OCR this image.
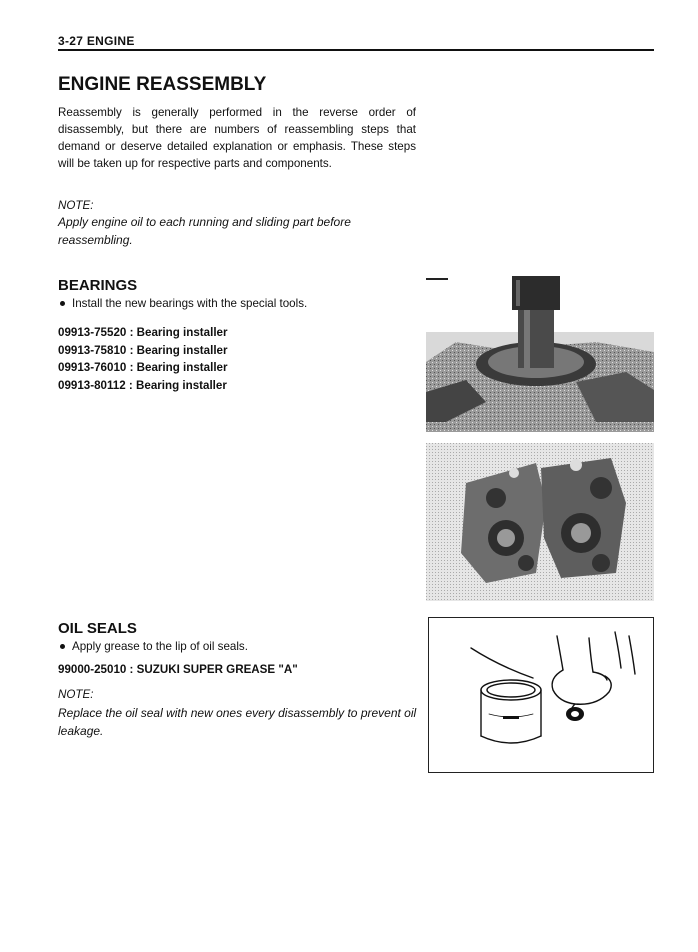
3-27 ENGINE
ENGINE REASSEMBLY

Reassembly is generally performed in the reverse order of disassembly, but there are numbers of reassembling steps that demand or deserve detailed explanation or emphasis. These steps will be taken up for respective parts and components.

NOTE:

Apply engine oil to each running and sliding part before reassembling.

BEARINGS
Install the new bearings with the special tools.
09913-75520 : Bearing installer
09913-75810 : Bearing installer
09913-76010 : Bearing installer
09913-80112 : Bearing installer
OIL SEALS
Apply grease to the lip of oil seals.
99000-25010 : SUZUKI SUPER GREASE "A"
NOTE:

Replace the oil seal with new ones every disassembly to prevent oil leakage.
